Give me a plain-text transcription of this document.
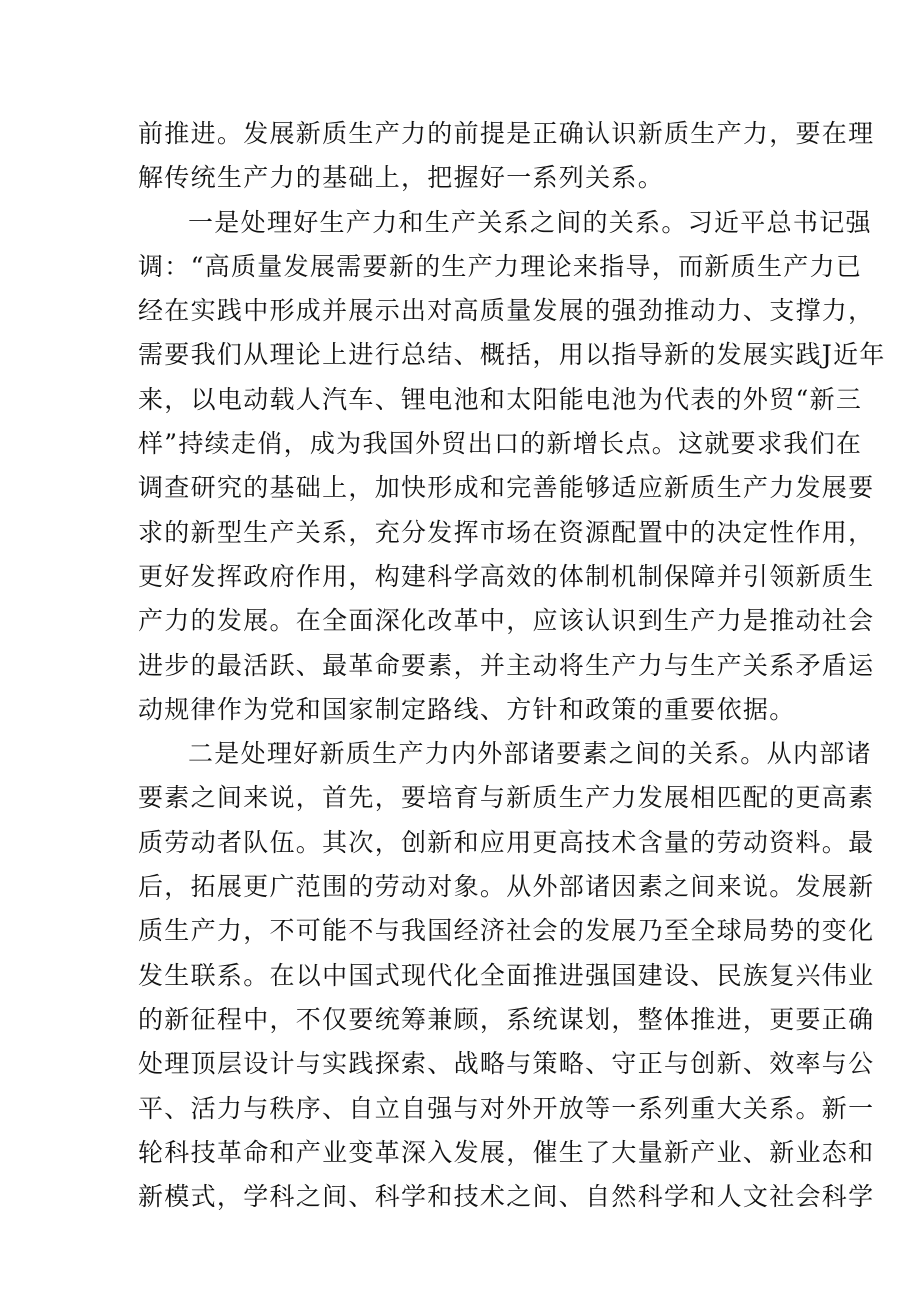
前推进。发展新质生产力的前提是正确认识新质生产力，要在理
解传统生产力的基础上，把握好一系列关系。
一是处理好生产力和生产关系之间的关系。习近平总书记强
调：“高质量发展需要新的生产力理论来指导，而新质生产力已
经在实践中形成并展示出对高质量发展的强劲推动力、支撑力，
需要我们从理论上进行总结、概括，用以指导新的发展实践J近年
来，以电动载人汽车、锂电池和太阳能电池为代表的外贸“新三
样”持续走俏，成为我国外贸出口的新增长点。这就要求我们在
调查研究的基础上，加快形成和完善能够适应新质生产力发展要
求的新型生产关系，充分发挥市场在资源配置中的决定性作用，
更好发挥政府作用，构建科学高效的体制机制保障并引领新质生
产力的发展。在全面深化改革中，应该认识到生产力是推动社会
进步的最活跃、最革命要素，并主动将生产力与生产关系矛盾运
动规律作为党和国家制定路线、方针和政策的重要依据。
二是处理好新质生产力内外部诸要素之间的关系。从内部诸
要素之间来说，首先，要培育与新质生产力发展相匹配的更高素
质劳动者队伍。其次，创新和应用更高技术含量的劳动资料。最
后，拓展更广范围的劳动对象。从外部诸因素之间来说。发展新
质生产力，不可能不与我国经济社会的发展乃至全球局势的变化
发生联系。在以中国式现代化全面推进强国建设、民族复兴伟业
的新征程中，不仅要统筹兼顾，系统谋划，整体推进，更要正确
处理顶层设计与实践探索、战略与策略、守正与创新、效率与公
平、活力与秩序、自立自强与对外开放等一系列重大关系。新一
轮科技革命和产业变革深入发展，催生了大量新产业、新业态和
新模式，学科之间、科学和技术之间、自然科学和人文社会科学
